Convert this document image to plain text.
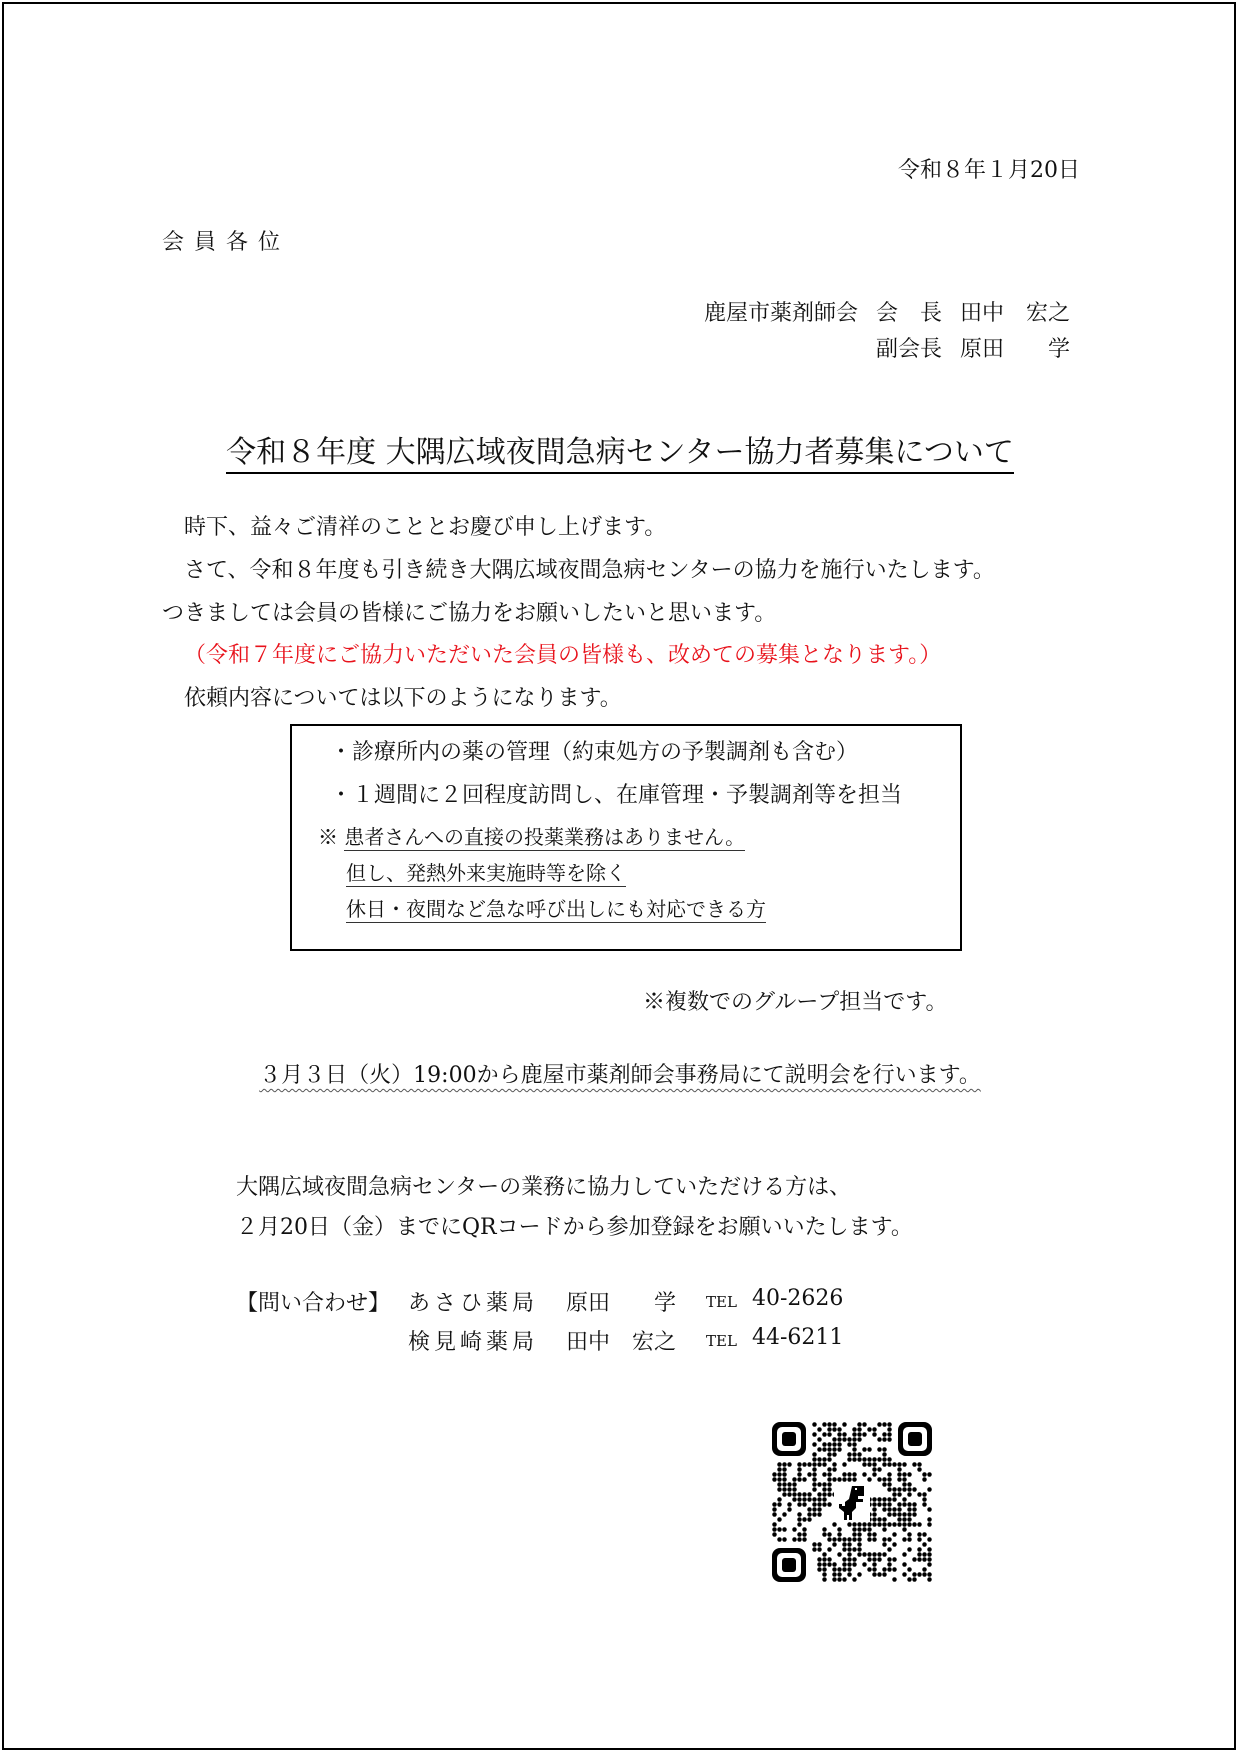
令和８年１月20日
会員各位
鹿屋市薬剤師会 会　長 田中　宏之
副会長 原田　　学
令和８年度 大隅広域夜間急病センター協力者募集について
時下、益々ご清祥のこととお慶び申し上げます。
さて、令和８年度も引き続き大隅広域夜間急病センターの協力を施行いたします。
つきましては会員の皆様にご協力をお願いしたいと思います。
（令和７年度にご協力いただいた会員の皆様も、改めての募集となります。）
依頼内容については以下のようになります。
・診療所内の薬の管理（約束処方の予製調剤も含む）
・１週間に２回程度訪問し、在庫管理・予製調剤等を担当
※ 患者さんへの直接の投薬業務はありません。
但し、発熱外来実施時等を除く
休日・夜間など急な呼び出しにも対応できる方
※複数でのグループ担当です。
３月３日（火）19:00から鹿屋市薬剤師会事務局にて説明会を行います。
大隅広域夜間急病センターの業務に協力していただける方は、
２月20日（金）までにQRコードから参加登録をお願いいたします。
【問い合わせ】 あさひ薬局 原田　　学 TEL 40-2626
検見崎薬局 田中　宏之 TEL 44-6211
